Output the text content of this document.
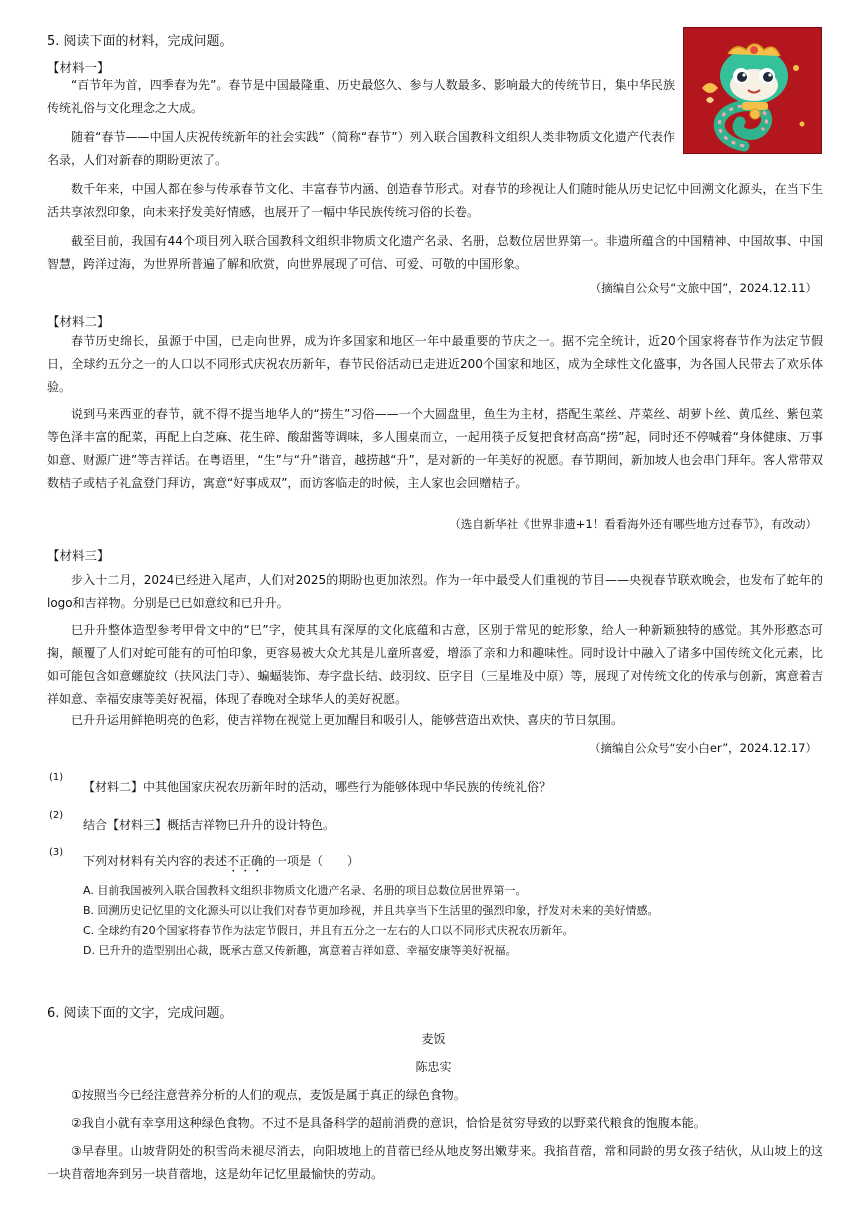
5. 阅读下面的材料，完成问题。
【材料一】
“百节年为首，四季春为先”。春节是中国最隆重、历史最悠久、参与人数最多、影响最大的传统节日，集中华民族传统礼俗与文化理念之大成。
随着“春节——中国人庆祝传统新年的社会实践”（简称“春节”）列入联合国教科文组织人类非物质文化遗产代表作名录，人们对新春的期盼更浓了。
数千年来，中国人都在参与传承春节文化、丰富春节内涵、创造春节形式。对春节的珍视让人们随时能从历史记忆中回溯文化源头，在当下生活共享浓烈印象，向未来抒发美好情感，也展开了一幅中华民族传统习俗的长卷。
截至目前，我国有44个项目列入联合国教科文组织非物质文化遗产名录、名册，总数位居世界第一。非遗所蕴含的中国精神、中国故事、中国智慧，跨洋过海，为世界所普遍了解和欣赏，向世界展现了可信、可爱、可敬的中国形象。
（摘编自公众号“文旅中国”，2024.12.11）
【材料二】
春节历史绵长，虽源于中国，已走向世界，成为许多国家和地区一年中最重要的节庆之一。据不完全统计，近20个国家将春节作为法定节假日，全球约五分之一的人口以不同形式庆祝农历新年，春节民俗活动已走进近200个国家和地区，成为全球性文化盛事，为各国人民带去了欢乐体验。
说到马来西亚的春节，就不得不提当地华人的“捞生”习俗——一个大圆盘里，鱼生为主材，搭配生菜丝、芹菜丝、胡萝卜丝、黄瓜丝、紫包菜等色泽丰富的配菜，再配上白芝麻、花生碎、酸甜酱等调味，多人围桌而立，一起用筷子反复把食材高高“捞”起，同时还不停喊着“身体健康、万事如意、财源广进”等吉祥话。在粤语里，“生”与“升”谐音，越捞越“升”，是对新的一年美好的祝愿。春节期间，新加坡人也会串门拜年。客人常带双数桔子或桔子礼盒登门拜访，寓意“好事成双”，而访客临走的时候，主人家也会回赠桔子。
（选自新华社《世界非遗+1！看看海外还有哪些地方过春节》，有改动）
【材料三】
步入十二月，2024已经进入尾声，人们对2025的期盼也更加浓烈。作为一年中最受人们重视的节目——央视春节联欢晚会，也发布了蛇年的logo和吉祥物。分别是已已如意纹和已升升。
巳升升整体造型参考甲骨文中的“巳”字，使其具有深厚的文化底蕴和古意，区别于常见的蛇形象，给人一种新颖独特的感觉。其外形憨态可掬，颠覆了人们对蛇可能有的可怕印象，更容易被大众尤其是儿童所喜爱，增添了亲和力和趣味性。同时设计中融入了诸多中国传统文化元素，比如可能包含如意螺旋纹（扶风法门寺）、蝙蝠装饰、寿字盘长结、歧羽纹、臣字目（三星堆及中原）等，展现了对传统文化的传承与创新，寓意着吉祥如意、幸福安康等美好祝福，体现了春晚对全球华人的美好祝愿。
已升升运用鲜艳明亮的色彩，使吉祥物在视觉上更加醒目和吸引人，能够营造出欢快、喜庆的节日氛围。
（摘编自公众号“安小白er”，2024.12.17）
(1)
【材料二】中其他国家庆祝农历新年时的活动，哪些行为能够体现中华民族的传统礼俗？
(2)
结合【材料三】概括吉祥物巳升升的设计特色。
(3)
下列对材料有关内容的表述不正确的一项是（　　）
A. 目前我国被列入联合国教科文组织非物质文化遗产名录、名册的项目总数位居世界第一。
B. 回溯历史记忆里的文化源头可以让我们对春节更加珍视，并且共享当下生活里的强烈印象，抒发对未来的美好情感。
C. 全球约有20个国家将春节作为法定节假日，并且有五分之一左右的人口以不同形式庆祝农历新年。
D. 巳升升的造型别出心裁，既承古意又传新趣，寓意着吉祥如意、幸福安康等美好祝福。
6. 阅读下面的文字，完成问题。
麦饭
陈忠实
①按照当今已经注意营养分析的人们的观点，麦饭是属于真正的绿色食物。
②我自小就有幸享用这种绿色食物。不过不是具备科学的超前消费的意识，恰恰是贫穷导致的以野菜代粮食的饱腹本能。
③早春里。山坡背阴处的积雪尚未褪尽消去，向阳坡地上的苜蓿已经从地皮努出嫩芽来。我掐苜蓿，常和同龄的男女孩子结伙，从山坡上的这一块苜蓿地奔到另一块苜蓿地，这是幼年记忆里最愉快的劳动。
